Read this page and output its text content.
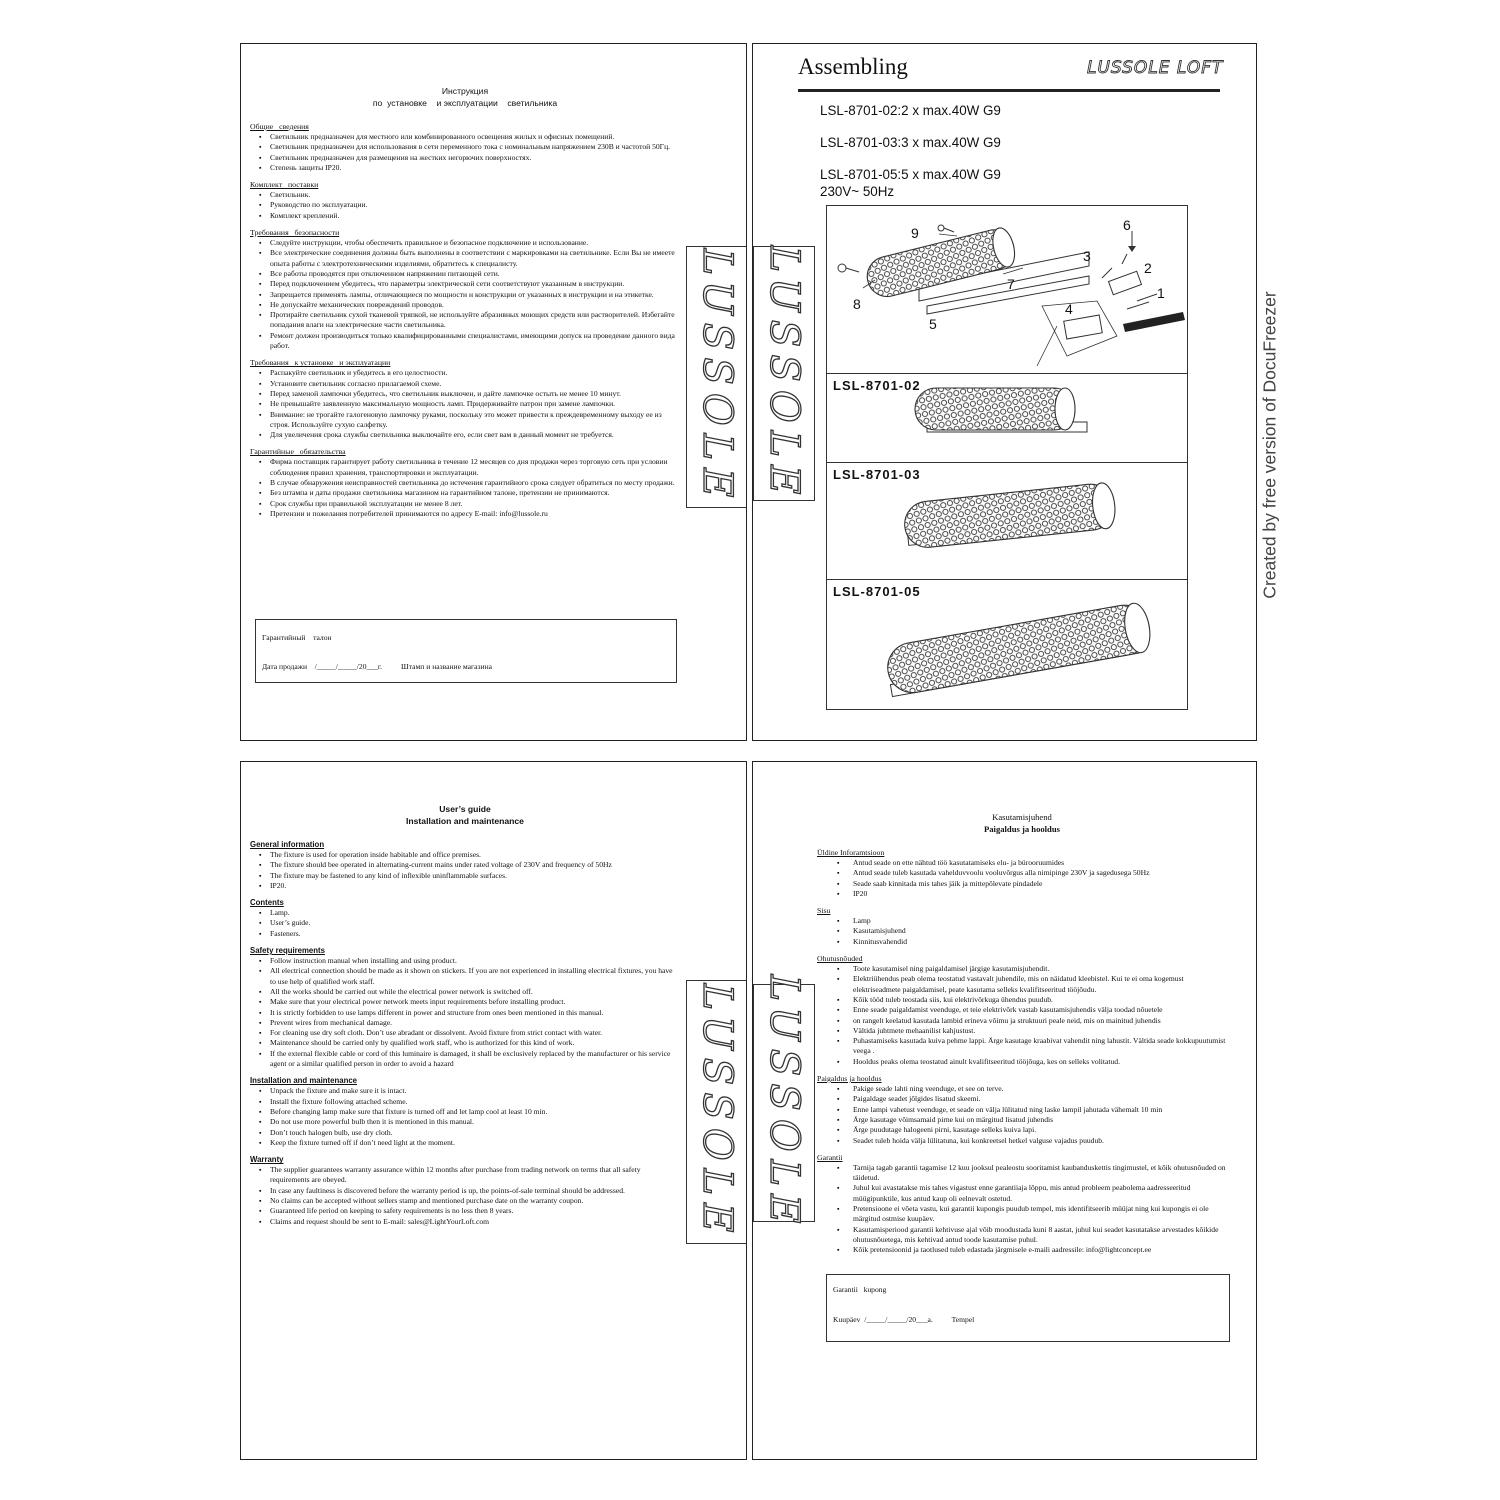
Инструкция
по  установке    и эксплуатации    светильника
Общие   сведения
▪ Светильник предназначен для местного или комбинированного освещения жилых и офисных помещений.
▪ Светильник предназначен для использования в сети переменного тока с номинальным напряжением 230В и частотой 50Гц.
▪ Светильник предназначен для размещения на жестких негорючих поверхностях.
▪ Степень защиты IP20.
Комплект   поставки
▪ Светильник.
▪ Руководство по эксплуатации.
▪ Комплект креплений.
Требования   безопасности
▪ Следуйте инструкции, чтобы обеспечить правильное и безопасное подключение и использование.
▪ Все электрические соединения должны быть выполнены в соответствии с маркировками на светильнике. Если Вы не имеете опыта работы с электротехническими изделиями, обратитесь к специалисту.
▪ Все работы проводятся при отключенном напряжении питающей сети.
▪ Перед подключением убедитесь, что параметры электрической сети соответствуют указанным в инструкции.
▪ Запрещается применять лампы, отличающиеся по мощности и конструкции от указанных в инструкции и на этикетке.
▪ Не допускайте механических повреждений проводов.
▪ Протирайте светильник сухой тканевой тряпкой, не используйте абразивных моющих средств или растворителей. Избегайте попадания влаги на электрические части светильника.
▪ Ремонт должен производиться только квалифицированными специалистами, имеющими допуск на проведение данного вида работ.
Требования   к установке   и эксплуатации
▪ Распакуйте светильник и убедитесь в его целостности.
▪ Установите светильник согласно прилагаемой схеме.
▪ Перед заменой лампочки убедитесь, что светильник выключен, и дайте лампочке остыть не менее 10 минут.
▪ Не превышайте заявленную максимальную мощность ламп. Придерживайте патрон при замене лампочки.
▪ Внимание: не трогайте галогеновую лампочку руками, поскольку это может привести к преждевременному выходу ее из строя. Используйте сухую салфетку.
▪ Для увеличения срока службы светильника выключайте его, если свет вам в данный момент не требуется.
Гарантийные   обязательства
▪ Фирма поставщик гарантирует работу светильника в течение 12 месяцев со дня продажи через торговую сеть при условии соблюдения правил хранения, транспортировки и эксплуатации.
▪ В случае обнаружения неисправностей светильника до истечения гарантийного срока следует обратиться по месту продажи.
▪ Без штампа и даты продажи светильника магазином на гарантийном талоне, претензии не принимаются.
▪ Срок службы при правильной эксплуатации не менее 8 лет.
▪ Претензии и пожелания потребителей принимаются по адресу E-mail: info@lussole.ru
Гарантийный    талон
Дата продажи    /_____/_____/20___г.          Штамп и название магазина
LUSSOLE LUSSOLE
Assembling	LUSSOLE LOFT
LSL-8701-02:2 x max.40W G9
LSL-8701-03:3 x max.40W G9
LSL-8701-05:5 x max.40W G9
230V~ 50Hz
9	6
3
2
7
1
8	4
5
LSL-8701-02
LSL-8701-03
LSL-8701-05
User’s guide
Installation and maintenance
General information
▪ The fixture is used for operation inside habitable and office premises.
▪ The fixture should bee operated in alternating-current mains under rated voltage of 230V and frequency of 50Hz
▪ The fixture may be fastened to any kind of inflexible uninflammable surfaces.
▪ IP20.
Contents
▪ Lamp.
▪ User’s guide.
▪ Fasteners.
Safety requirements
▪ Follow instruction manual when installing and using product.
▪ All electrical connection should be made as it shown on stickers. If you are not experienced in installing electrical fixtures, you have to use help of qualified work staff.
▪ All the works should be carried out while the electrical power network is switched off.
▪ Make sure that your electrical power network meets input requirements before installing product.
▪ It is strictly forbidden to use lamps different in power and structure from ones been mentioned in this manual.
▪ Prevent wires from mechanical damage.
▪ For cleaning use dry soft cloth. Don’t use abradant or dissolvent. Avoid fixture from strict contact with water.
▪ Maintenance should be carried only by qualified work staff, who is authorized for this kind of work.
▪ If the external flexible cable or cord of this luminaire is damaged, it shall be exclusively replaced by the manufacturer or his service agent or a similar qualified person in order to avoid a hazard
Installation and maintenance
▪ Unpack the fixture and make sure it is intact.
▪ Install the fixture following attached scheme.
▪ Before changing lamp make sure that fixture is turned off and let lamp cool at least 10 min.
▪ Do not use more powerful bulb then it is mentioned in this manual.
▪ Don’t touch halogen bulb, use dry cloth.
▪ Keep the fixture turned off if don’t need light at the moment.
Warranty
▪ The supplier guarantees warranty assurance within 12 months after purchase from trading network on terms that all safety requirements are obeyed.
▪ In case any faultiness is discovered before the warranty period is up, the points-of-sale terminal should be addressed.
▪ No claims can be accepted without sellers stamp and mentioned purchase date on the warranty coupon.
▪ Guaranteed life period on keeping to safety requirements is no less then 8 years.
▪ Claims and request should be sent to E-mail: sales@LightYourLoft.com	LUSSOLE LUSSOLE
Kasutamisjuhend
Paigaldus ja hooldus
Üldine Inforamtsioon
▪ Antud seade on ette nähtud töö kasutatamiseks elu- ja bürooruumides
▪ Antud seade tuleb kasutada vahelduvvoolu vooluvõrgus alla nimipinge 230V ja sagedusega 50Hz
▪ Seade saab kinnitada mis tahes jäik ja mittepõlevate pindadele
▪ IP20
Sisu
▪ Lamp
▪ Kasutamisjuhend
▪ Kinnitusvahendid
Ohutusnõuded
▪ Toote kasutamisel ning paigaldamisel järgige kasutamisjuhendit.
▪ Elektriühendus peab olema teostatud vastavalt juhendile, mis on näidatud kleebistel. Kui te ei oma kogemust elektriseadmete paigaldamisel, peate kasutama selleks kvalifitseeritud tööjõudu.
▪ Kõik tööd tuleb teostada siis, kui elektrivõrkuga ühendus puudub.
▪ Enne seade paigaldamist veenduge, et teie elektrivõrk vastab kasutamisjuhendis välja toodad nõuetele
▪ on rangelt keelatud kasutada lambid erineva võimu ja struktuuri peale neid, mis on mainitud juhendis
▪ Vältida juhtmete mehaanilist kahjustust.
▪ Puhastamiseks kasutada kuiva pehme lappi. Ärge kasutage kraabivat vahendit ning lahustit. Vältida seade kokkupuutumist veega .
▪ Hooldus peaks olema teostatud ainult kvalifitseeritud tööjõuga, kes on selleks volitatud.
Paigaldus ja hooldus
▪ Pakige seade lahti ning veenduge, et see on terve.
▪ Paigaldage seadet jõlgides lisatud skeemi.
▪ Enne lampi vahetust veenduge, et seade on välja lülitatud ning laske lampil jahutada vähemalt 10 min
▪ Ärge kasutage võimsamaid pirne kui on märgitud lisatud juhendis
▪ Ärge puudutage halogeeni pirni, kasutage selleks kuiva lapi.
▪ Seadet tuleb hoida välja lülitatuna, kui konkreetsel hetkel valguse vajadus puudub.
Garantii
▪ Tarnija tagab garantii tagamise 12 kuu jooksul pealeostu sooritamist kaubanduskettis tingimustel, et kõik ohutusnõuded on täidetud.
▪ Juhul kui avastatakse mis tahes vigastust enne garantiiaja lõppu, mis antud probleem peabolema aadresseeritud müügipunktile, kus antud kaup oli eelnevalt ostetud.
▪ Pretensioone ei võeta vastu, kui garantii kupongis puudub tempel, mis identifitseerib müüjat ning kui kupongis ei ole märgitud ostmise kuupäev.
▪ Kasutamisperiood garantii kehtivuse ajal võib moodustada kuni 8 aastat, juhul kui seadet kasutatakse arvestades kõikide ohutusnõuetega, mis kehtivad antud toode kasutamise puhul.
▪ Kõik pretensioonid ja taotlused tuleb edastada järgmisele e-maili aadressile: info@lightconcept.ee
Garantii   kupong
Kuupäev  /_____/_____/20___a.          Tempel
Created by free version of DocuFreezer
